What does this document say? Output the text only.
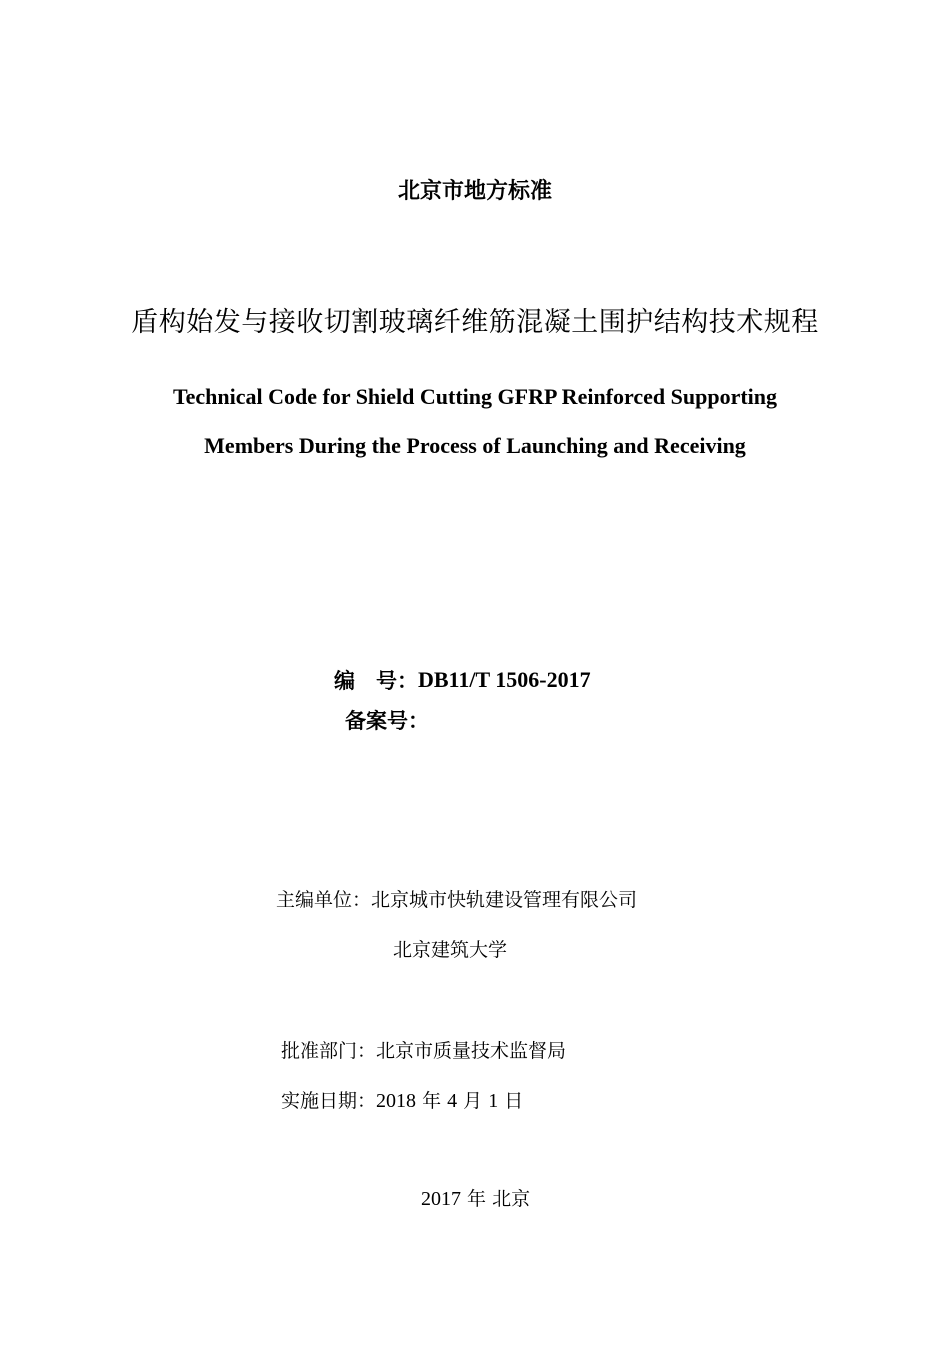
北京市地方标准
盾构始发与接收切割玻璃纤维筋混凝土围护结构技术规程
Technical Code for Shield Cutting GFRP Reinforced Supporting
Members During the Process of Launching and Receiving
编　号： DB11/T 1506-2017
备案号：
主编单位：北京城市快轨建设管理有限公司
北京建筑大学
批准部门：北京市质量技术监督局
实施日期：2018 年 4 月 1 日
2017 年 北京
